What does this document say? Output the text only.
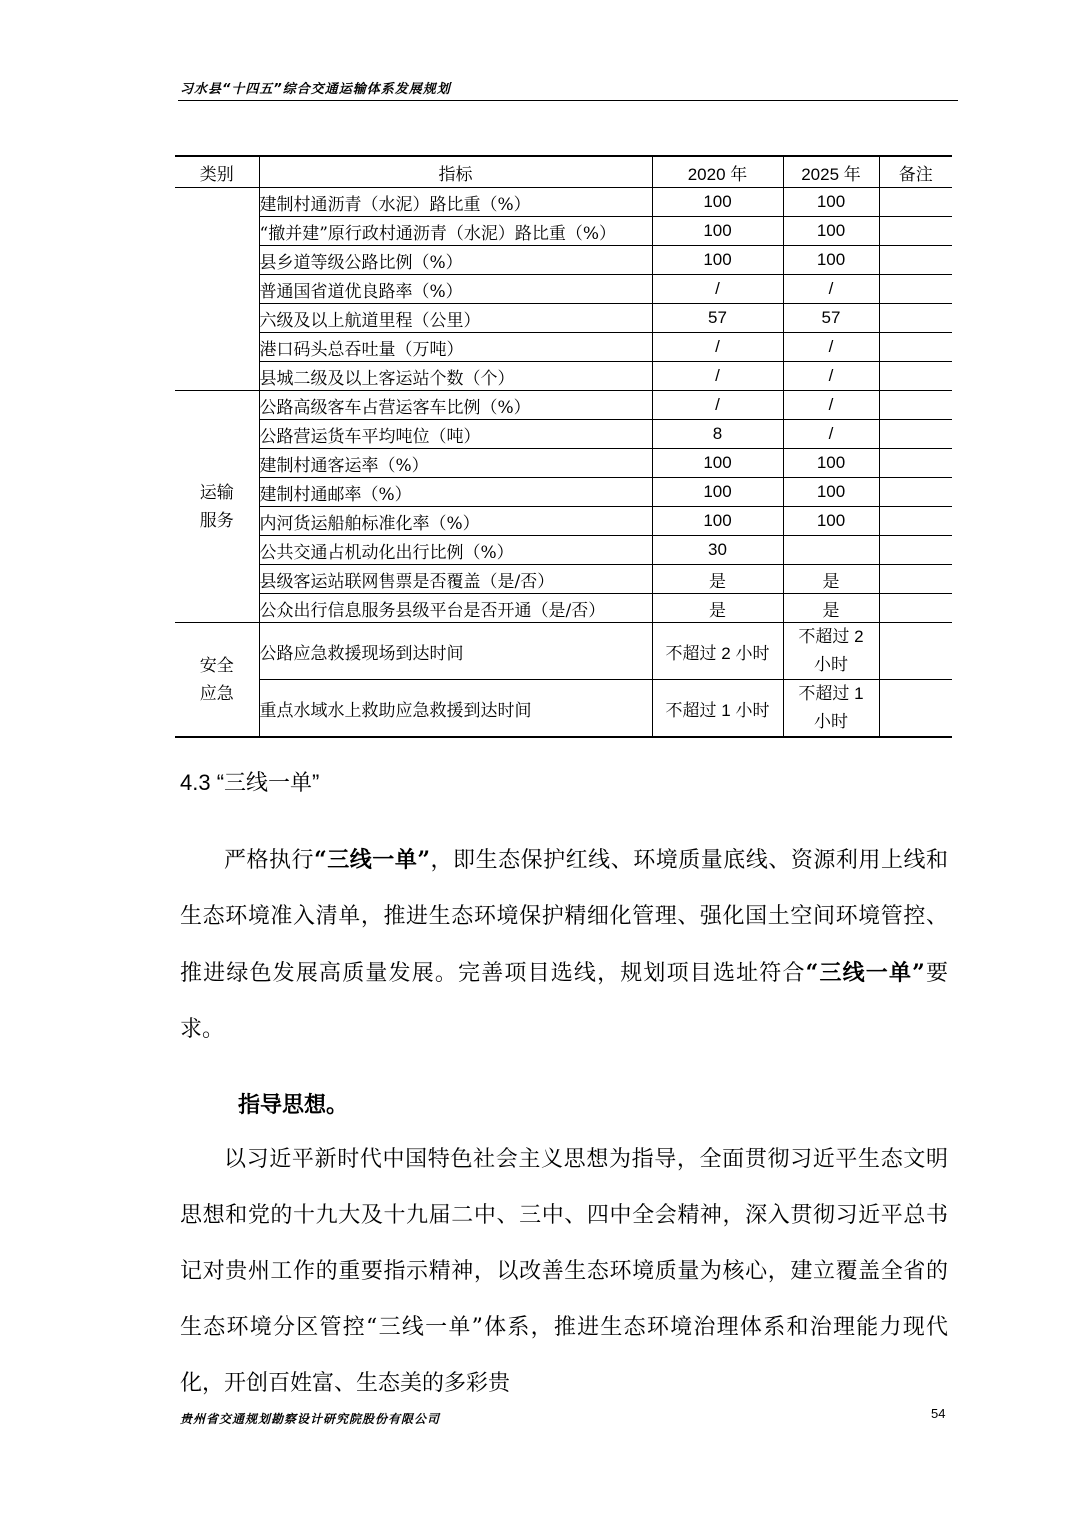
习水县“十四五”综合交通运输体系发展规划
类别	指标	2020 年	2025 年	备注
	建制村通沥青（水泥）路比重（%）	100	100	
	“撤并建”原行政村通沥青（水泥）路比重（%）	100	100	
	县乡道等级公路比例（%）	100	100	
	普通国省道优良路率（%）	/	/	
	六级及以上航道里程（公里）	57	57	
	港口码头总吞吐量（万吨）	/	/	
	县城二级及以上客运站个数（个）	/	/	
运输服务	公路高级客车占营运客车比例（%）	/	/	
	公路营运货车平均吨位（吨）	8	/	
	建制村通客运率（%）	100	100	
	建制村通邮率（%）	100	100	
	内河货运船舶标准化率（%）	100	100	
	公共交通占机动化出行比例（%）	30		
	县级客运站联网售票是否覆盖（是/否）	是	是	
	公众出行信息服务县级平台是否开通（是/否）	是	是	
安全应急	公路应急救援现场到达时间	不超过 2 小时	不超过 2 小时	
	重点水域水上救助应急救援到达时间	不超过 1 小时	不超过 1 小时	
4.3 “三线一单”

严格执行“三线一单”，即生态保护红线、环境质量底线、资源利用上线和生态环境准入清单，推进生态环境保护精细化管理、强化国土空间环境管控、推进绿色发展高质量发展。完善项目选线，规划项目选址符合“三线一单”要求。

指导思想。

以习近平新时代中国特色社会主义思想为指导，全面贯彻习近平生态文明思想和党的十九大及十九届二中、三中、四中全会精神，深入贯彻习近平总书记对贵州工作的重要指示精神，以改善生态环境质量为核心，建立覆盖全省的生态环境分区管控“三线一单”体系，推进生态环境治理体系和治理能力现代化，开创百姓富、生态美的多彩贵

贵州省交通规划勘察设计研究院股份有限公司	54
